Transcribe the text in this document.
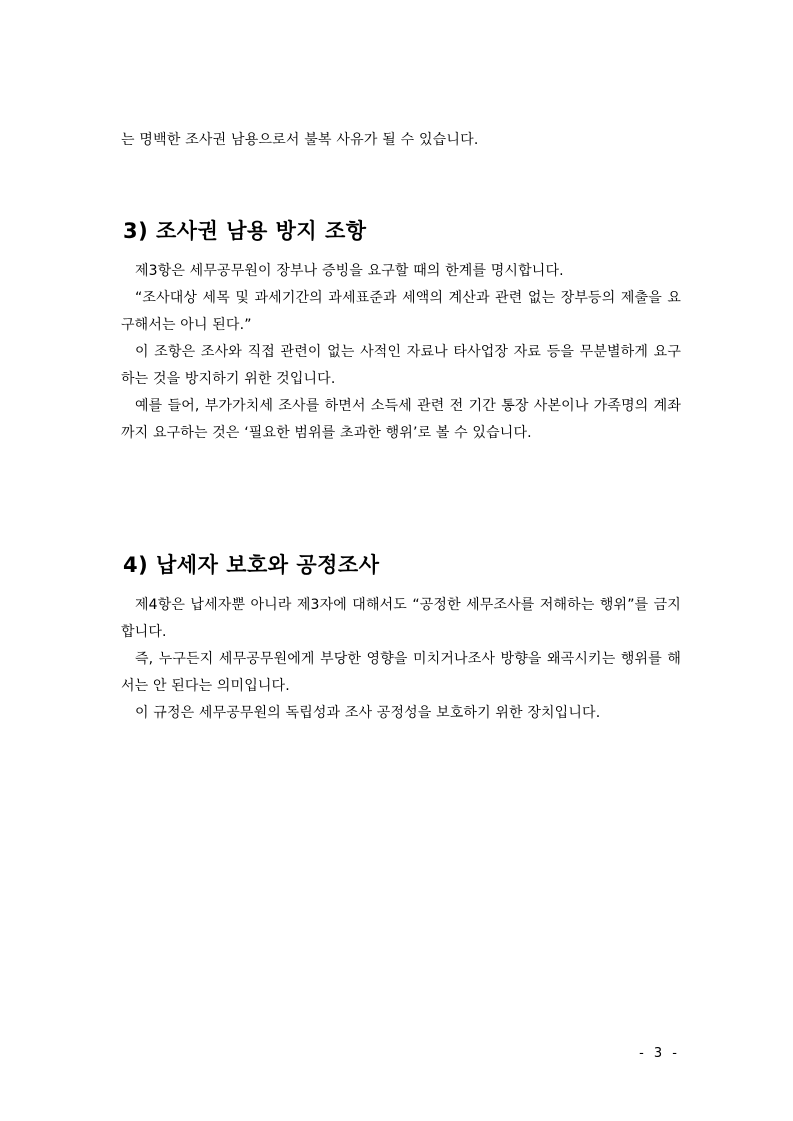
는 명백한 조사권 남용으로서 불복 사유가 될 수 있습니다.

3) 조사권 남용 방지 조항

제3항은 세무공무원이 장부나 증빙을 요구할 때의 한계를 명시합니다.

“조사대상 세목 및 과세기간의 과세표준과 세액의 계산과 관련 없는 장부등의 제출을 요구해서는 아니 된다.”

이 조항은 조사와 직접 관련이 없는 사적인 자료나 타사업장 자료 등을 무분별하게 요구하는 것을 방지하기 위한 것입니다.

예를 들어, 부가가치세 조사를 하면서 소득세 관련 전 기간 통장 사본이나 가족명의 계좌까지 요구하는 것은 ‘필요한 범위를 초과한 행위’로 볼 수 있습니다.

4) 납세자 보호와 공정조사

제4항은 납세자뿐 아니라 제3자에 대해서도 “공정한 세무조사를 저해하는 행위”를 금지합니다.

즉, 누구든지 세무공무원에게 부당한 영향을 미치거나조사 방향을 왜곡시키는 행위를 해서는 안 된다는 의미입니다.

이 규정은 세무공무원의 독립성과 조사 공정성을 보호하기 위한 장치입니다.

- 3 -
